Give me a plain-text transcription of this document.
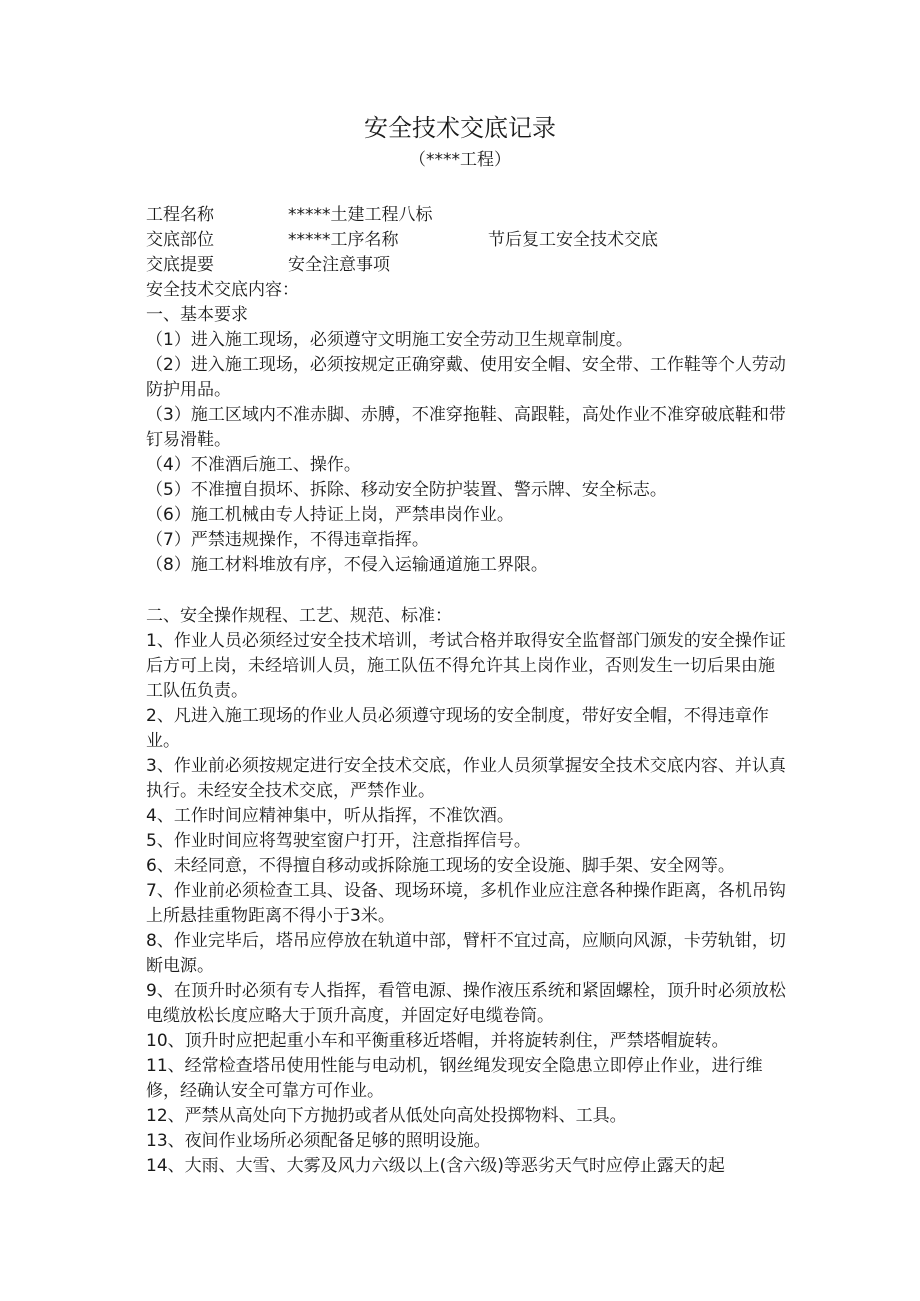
安全技术交底记录
（****工程）
工程名称	*****土建工程八标
交底部位	*****工序名称	节后复工安全技术交底
交底提要	安全注意事项
安全技术交底内容：
一、基本要求
（1）进入施工现场，必须遵守文明施工安全劳动卫生规章制度。
（2）进入施工现场，必须按规定正确穿戴、使用安全帽、安全带、工作鞋等个人劳动防护用品。
（3）施工区域内不准赤脚、赤膊，不准穿拖鞋、高跟鞋，高处作业不准穿破底鞋和带钉易滑鞋。
（4）不准酒后施工、操作。
（5）不准擅自损坏、拆除、移动安全防护装置、警示牌、安全标志。
（6）施工机械由专人持证上岗，严禁串岗作业。
（7）严禁违规操作，不得违章指挥。
（8）施工材料堆放有序，不侵入运输通道施工界限。
二、安全操作规程、工艺、规范、标准：
1、作业人员必须经过安全技术培训，考试合格并取得安全监督部门颁发的安全操作证后方可上岗，未经培训人员，施工队伍不得允许其上岗作业，否则发生一切后果由施工队伍负责。
2、凡进入施工现场的作业人员必须遵守现场的安全制度，带好安全帽，不得违章作业。
3、作业前必须按规定进行安全技术交底，作业人员须掌握安全技术交底内容、并认真执行。未经安全技术交底，严禁作业。
4、工作时间应精神集中，听从指挥，不准饮酒。
5、作业时间应将驾驶室窗户打开，注意指挥信号。
6、未经同意，不得擅自移动或拆除施工现场的安全设施、脚手架、安全网等。
7、作业前必须检查工具、设备、现场环境，多机作业应注意各种操作距离，各机吊钩上所悬挂重物距离不得小于3米。
8、作业完毕后，塔吊应停放在轨道中部，臂杆不宜过高，应顺向风源，卡劳轨钳，切断电源。
9、在顶升时必须有专人指挥，看管电源、操作液压系统和紧固螺栓，顶升时必须放松电缆放松长度应略大于顶升高度，并固定好电缆卷筒。
10、顶升时应把起重小车和平衡重移近塔帽，并将旋转刹住，严禁塔帽旋转。
11、经常检查塔吊使用性能与电动机，钢丝绳发现安全隐患立即停止作业，进行维修，经确认安全可靠方可作业。
12、严禁从高处向下方抛扔或者从低处向高处投掷物料、工具。
13、夜间作业场所必须配备足够的照明设施。
14、大雨、大雪、大雾及风力六级以上(含六级)等恶劣天气时应停止露天的起
